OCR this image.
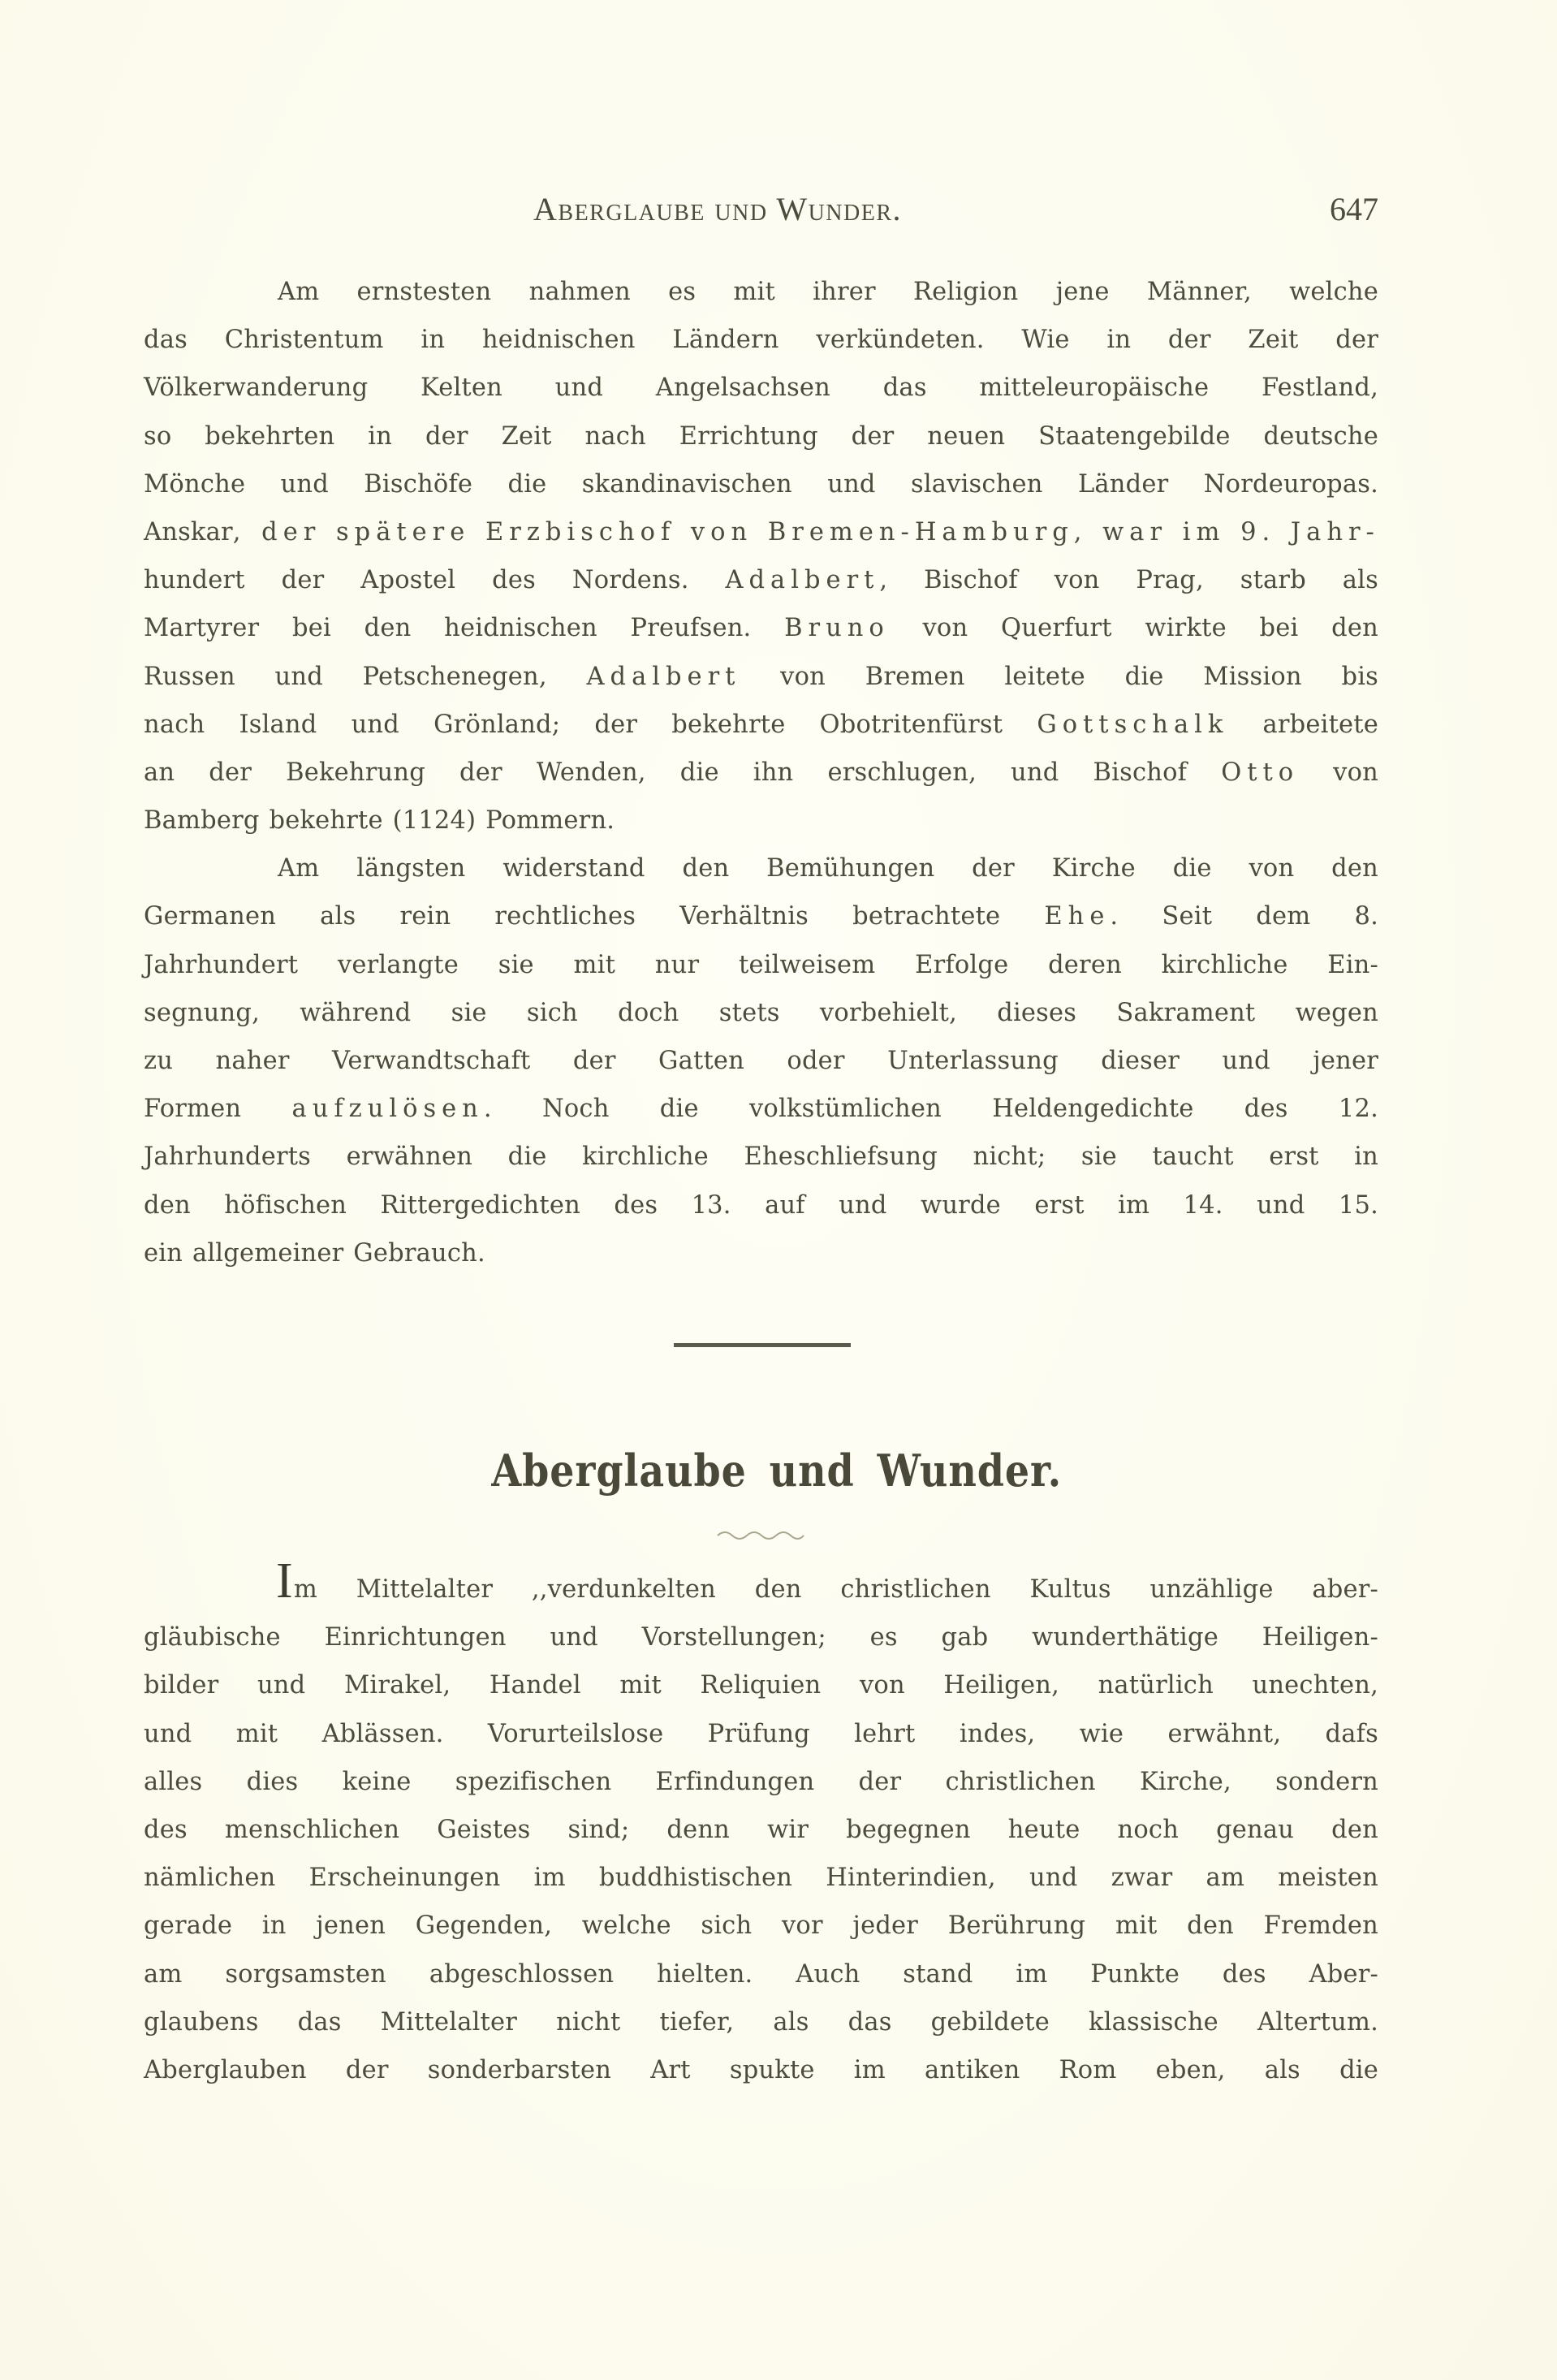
Aberglaube und Wunder.	647
Am ernstesten nahmen es mit ihrer Religion jene Männer, welche
das Christentum in heidnischen Ländern verkündeten. Wie in der Zeit der
Völkerwanderung Kelten und Angelsachsen das mitteleuropäische Festland,
so bekehrten in der Zeit nach Errichtung der neuen Staatengebilde deutsche
Mönche und Bischöfe die skandinavischen und slavischen Länder Nordeuropas.
Anskar, der spätere Erzbischof von Bremen-Hamburg, war im 9. Jahr-
hundert der Apostel des Nordens. Adalbert, Bischof von Prag, starb als
Martyrer bei den heidnischen Preufsen. Bruno von Querfurt wirkte bei den
Russen und Petschenegen, Adalbert von Bremen leitete die Mission bis
nach Island und Grönland; der bekehrte Obotritenfürst Gottschalk arbeitete
an der Bekehrung der Wenden, die ihn erschlugen, und Bischof Otto von
Bamberg bekehrte (1124) Pommern.
Am längsten widerstand den Bemühungen der Kirche die von den
Germanen als rein rechtliches Verhältnis betrachtete Ehe. Seit dem 8.
Jahrhundert verlangte sie mit nur teilweisem Erfolge deren kirchliche Ein-
segnung, während sie sich doch stets vorbehielt, dieses Sakrament wegen
zu naher Verwandtschaft der Gatten oder Unterlassung dieser und jener
Formen aufzulösen. Noch die volkstümlichen Heldengedichte des 12.
Jahrhunderts erwähnen die kirchliche Eheschliefsung nicht; sie taucht erst in
den höfischen Rittergedichten des 13. auf und wurde erst im 14. und 15.
ein allgemeiner Gebrauch.
Aberglaube und Wunder.
Im Mittelalter ,,verdunkelten den christlichen Kultus unzählige aber-
gläubische Einrichtungen und Vorstellungen; es gab wunderthätige Heiligen-
bilder und Mirakel, Handel mit Reliquien von Heiligen, natürlich unechten,
und mit Ablässen. Vorurteilslose Prüfung lehrt indes, wie erwähnt, dafs
alles dies keine spezifischen Erfindungen der christlichen Kirche, sondern
des menschlichen Geistes sind; denn wir begegnen heute noch genau den
nämlichen Erscheinungen im buddhistischen Hinterindien, und zwar am meisten
gerade in jenen Gegenden, welche sich vor jeder Berührung mit den Fremden
am sorgsamsten abgeschlossen hielten. Auch stand im Punkte des Aber-
glaubens das Mittelalter nicht tiefer, als das gebildete klassische Altertum.
Aberglauben der sonderbarsten Art spukte im antiken Rom eben, als die
